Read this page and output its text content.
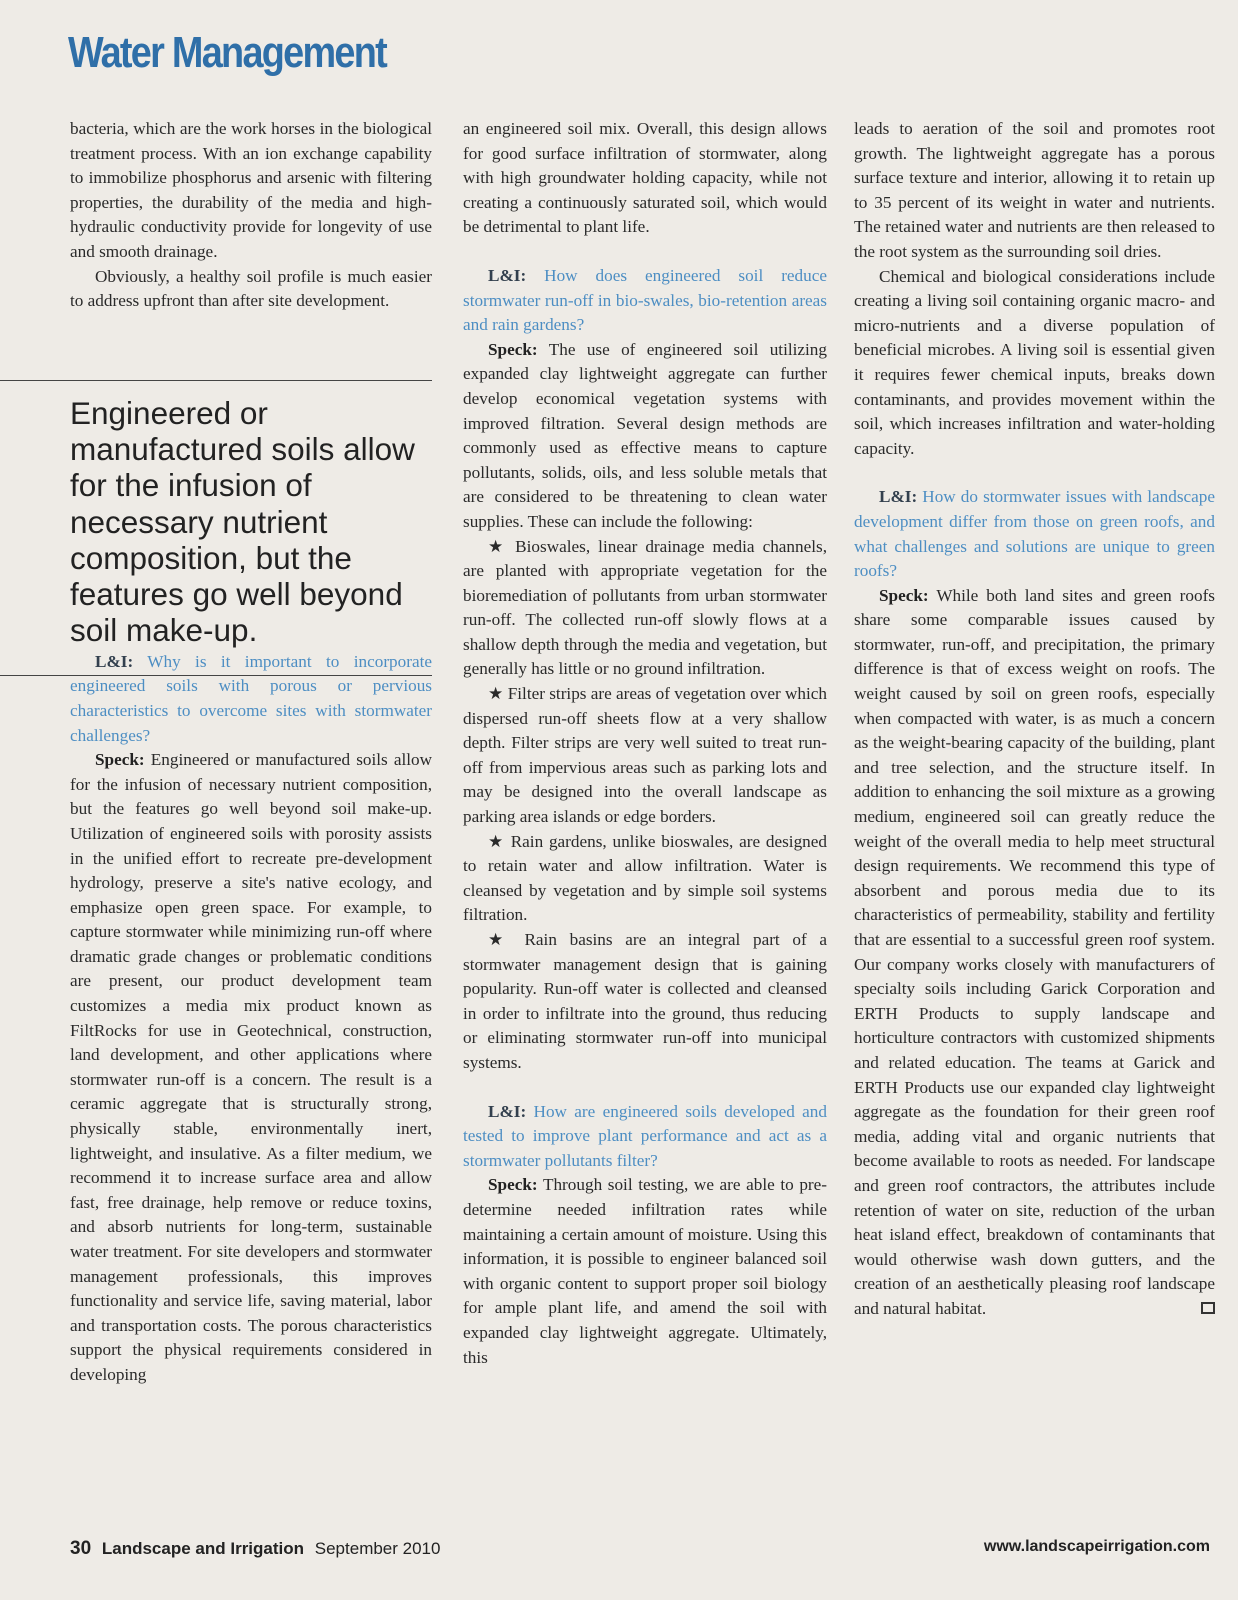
Water Management

bacteria, which are the work horses in the biological treatment process. With an ion exchange capability to immobilize phosphorus and arsenic with filtering properties, the durability of the media and high-hydraulic conductivity provide for longevity of use and smooth drainage.

Obviously, a healthy soil profile is much easier to address upfront than after site development.

L&I: Why is it important to incorporate engineered soils with porous or pervious characteristics to overcome sites with stormwater challenges?

Speck: Engineered or manufactured soils allow for the infusion of necessary nutrient composition, but the features go well beyond soil make-up. Utilization of engineered soils with porosity assists in the unified effort to recreate pre-development hydrology, preserve a site's native ecology, and emphasize open green space. For example, to capture stormwater while minimizing run-off where dramatic grade changes or problematic conditions are present, our product development team customizes a media mix product known as FiltRocks for use in Geotechnical, construction, land development, and other applications where stormwater run-off is a concern. The result is a ceramic aggregate that is structurally strong, physically stable, environmentally inert, lightweight, and insulative. As a filter medium, we recommend it to increase surface area and allow fast, free drainage, help remove or reduce toxins, and absorb nutrients for long-term, sustainable water treatment. For site developers and stormwater management professionals, this improves functionality and service life, saving material, labor and transportation costs. The porous characteristics support the physical requirements considered in developing

Engineered or manufactured soils allow for the infusion of necessary nutrient composition, but the features go well beyond soil make-up.

an engineered soil mix. Overall, this design allows for good surface infiltration of stormwater, along with high groundwater holding capacity, while not creating a continuously saturated soil, which would be detrimental to plant life.

L&I: How does engineered soil reduce stormwater run-off in bio-swales, bio-retention areas and rain gardens?

Speck: The use of engineered soil utilizing expanded clay lightweight aggregate can further develop economical vegetation systems with improved filtration. Several design methods are commonly used as effective means to capture pollutants, solids, oils, and less soluble metals that are considered to be threatening to clean water supplies. These can include the following:

★ Bioswales, linear drainage media channels, are planted with appropriate vegetation for the bioremediation of pollutants from urban stormwater run-off. The collected run-off slowly flows at a shallow depth through the media and vegetation, but generally has little or no ground infiltration.

★ Filter strips are areas of vegetation over which dispersed run-off sheets flow at a very shallow depth. Filter strips are very well suited to treat run-off from impervious areas such as parking lots and may be designed into the overall landscape as parking area islands or edge borders.

★ Rain gardens, unlike bioswales, are designed to retain water and allow infiltration. Water is cleansed by vegetation and by simple soil systems filtration.

★ Rain basins are an integral part of a stormwater management design that is gaining popularity. Run-off water is collected and cleansed in order to infiltrate into the ground, thus reducing or eliminating stormwater run-off into municipal systems.

L&I: How are engineered soils developed and tested to improve plant performance and act as a stormwater pollutants filter?

Speck: Through soil testing, we are able to pre-determine needed infiltration rates while maintaining a certain amount of moisture. Using this information, it is possible to engineer balanced soil with organic content to support proper soil biology for ample plant life, and amend the soil with expanded clay lightweight aggregate. Ultimately, this

leads to aeration of the soil and promotes root growth. The lightweight aggregate has a porous surface texture and interior, allowing it to retain up to 35 percent of its weight in water and nutrients. The retained water and nutrients are then released to the root system as the surrounding soil dries.

Chemical and biological considerations include creating a living soil containing organic macro- and micro-nutrients and a diverse population of beneficial microbes. A living soil is essential given it requires fewer chemical inputs, breaks down contaminants, and provides movement within the soil, which increases infiltration and water-holding capacity.

L&I: How do stormwater issues with landscape development differ from those on green roofs, and what challenges and solutions are unique to green roofs?

Speck: While both land sites and green roofs share some comparable issues caused by stormwater, run-off, and precipitation, the primary difference is that of excess weight on roofs. The weight caused by soil on green roofs, especially when compacted with water, is as much a concern as the weight-bearing capacity of the building, plant and tree selection, and the structure itself. In addition to enhancing the soil mixture as a growing medium, engineered soil can greatly reduce the weight of the overall media to help meet structural design requirements. We recommend this type of absorbent and porous media due to its characteristics of permeability, stability and fertility that are essential to a successful green roof system. Our company works closely with manufacturers of specialty soils including Garick Corporation and ERTH Products to supply landscape and horticulture contractors with customized shipments and related education. The teams at Garick and ERTH Products use our expanded clay lightweight aggregate as the foundation for their green roof media, adding vital and organic nutrients that become available to roots as needed. For landscape and green roof contractors, the attributes include retention of water on site, reduction of the urban heat island effect, breakdown of contaminants that would otherwise wash down gutters, and the creation of an aesthetically pleasing roof landscape and natural habitat.

30 Landscape and Irrigation September 2010	www.landscapeirrigation.com
